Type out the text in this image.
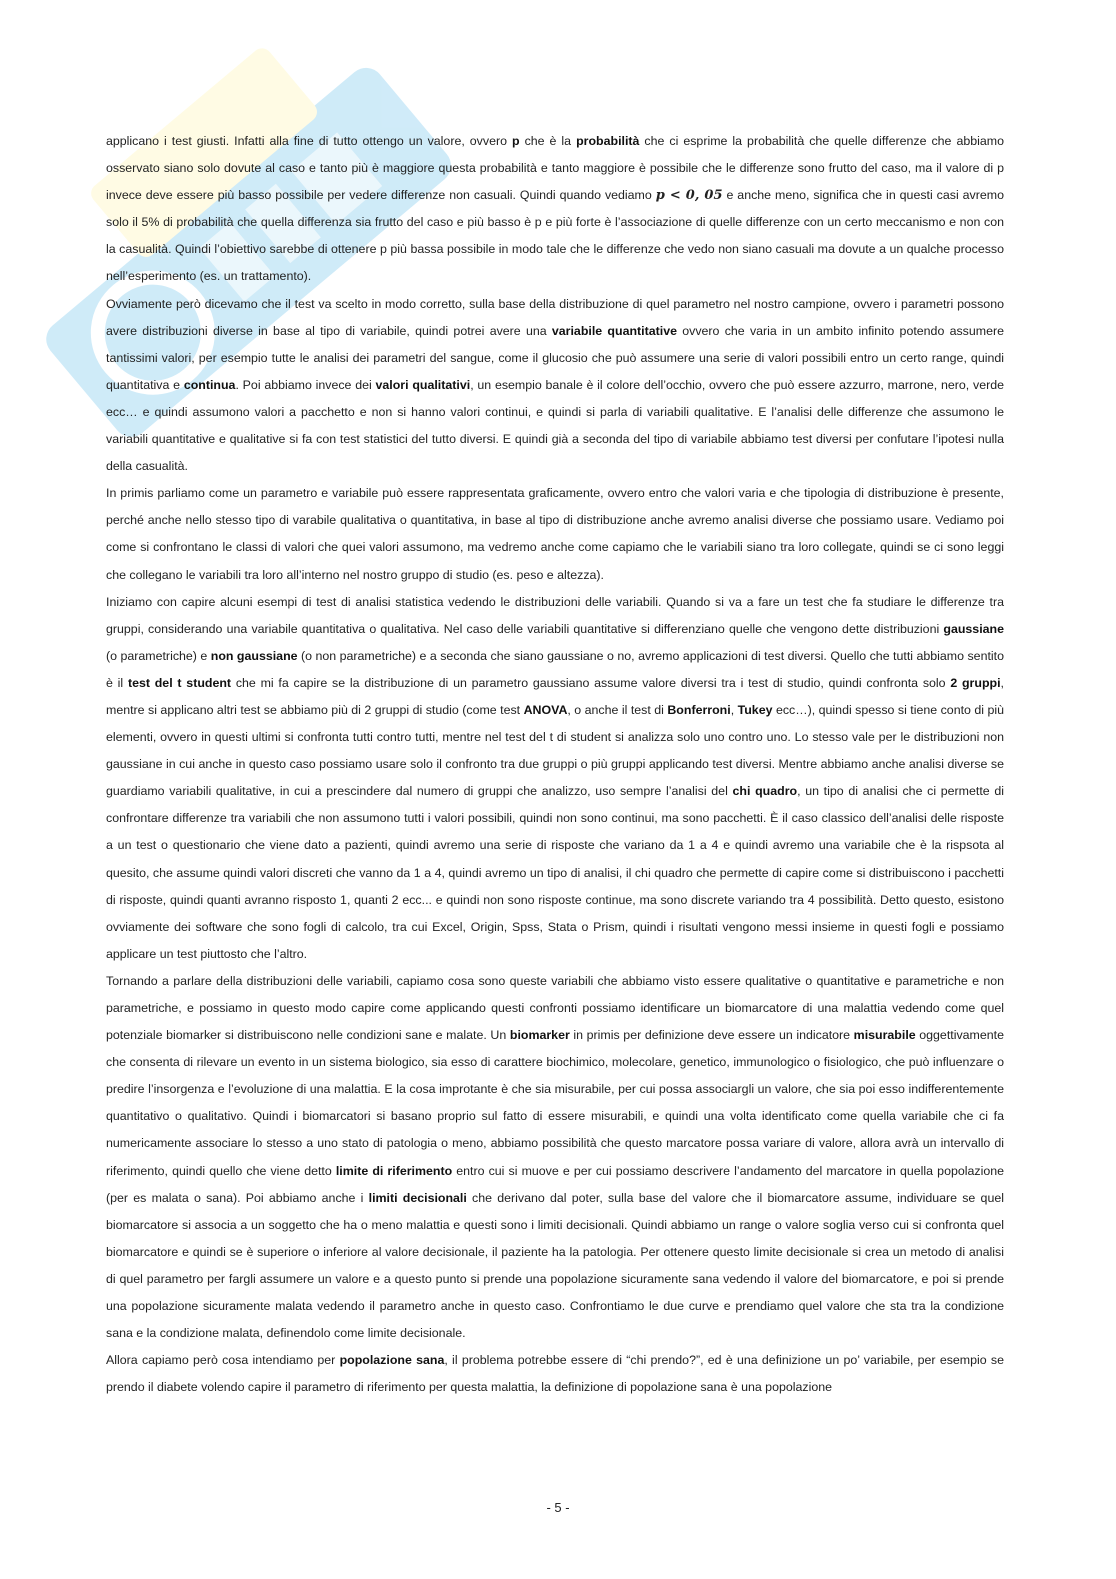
applicano i test giusti. Infatti alla fine di tutto ottengo un valore, ovvero p che è la probabilità che ci esprime la probabilità che quelle differenze che abbiamo osservato siano solo dovute al caso e tanto più è maggiore questa probabilità e tanto maggiore è possibile che le differenze sono frutto del caso, ma il valore di p invece deve essere più basso possibile per vedere differenze non casuali. Quindi quando vediamo p < 0, 05 e anche meno, significa che in questi casi avremo solo il 5% di probabilità che quella differenza sia frutto del caso e più basso è p e più forte è l’associazione di quelle differenze con un certo meccanismo e non con la casualità. Quindi l’obiettivo sarebbe di ottenere p più bassa possibile in modo tale che le differenze che vedo non siano casuali ma dovute a un qualche processo nell’esperimento (es. un trattamento).

Ovviamente però dicevamo che il test va scelto in modo corretto, sulla base della distribuzione di quel parametro nel nostro campione, ovvero i parametri possono avere distribuzioni diverse in base al tipo di variabile, quindi potrei avere una variabile quantitative ovvero che varia in un ambito infinito potendo assumere tantissimi valori, per esempio tutte le analisi dei parametri del sangue, come il glucosio che può assumere una serie di valori possibili entro un certo range, quindi quantitativa e continua. Poi abbiamo invece dei valori qualitativi, un esempio banale è il colore dell’occhio, ovvero che può essere azzurro, marrone, nero, verde ecc… e quindi assumono valori a pacchetto e non si hanno valori continui, e quindi si parla di variabili qualitative. E l’analisi delle differenze che assumono le variabili quantitative e qualitative si fa con test statistici del tutto diversi. E quindi già a seconda del tipo di variabile abbiamo test diversi per confutare l’ipotesi nulla della casualità.

In primis parliamo come un parametro e variabile può essere rappresentata graficamente, ovvero entro che valori varia e che tipologia di distribuzione è presente, perché anche nello stesso tipo di varabile qualitativa o quantitativa, in base al tipo di distribuzione anche avremo analisi diverse che possiamo usare. Vediamo poi come si confrontano le classi di valori che quei valori assumono, ma vedremo anche come capiamo che le variabili siano tra loro collegate, quindi se ci sono leggi che collegano le variabili tra loro all’interno nel nostro gruppo di studio (es. peso e altezza).

Iniziamo con capire alcuni esempi di test di analisi statistica vedendo le distribuzioni delle variabili. Quando si va a fare un test che fa studiare le differenze tra gruppi, considerando una variabile quantitativa o qualitativa. Nel caso delle variabili quantitative si differenziano quelle che vengono dette distribuzioni gaussiane (o parametriche) e non gaussiane (o non parametriche) e a seconda che siano gaussiane o no, avremo applicazioni di test diversi. Quello che tutti abbiamo sentito è il test del t student che mi fa capire se la distribuzione di un parametro gaussiano assume valore diversi tra i test di studio, quindi confronta solo 2 gruppi, mentre si applicano altri test se abbiamo più di 2 gruppi di studio (come test ANOVA, o anche il test di Bonferroni, Tukey ecc…), quindi spesso si tiene conto di più elementi, ovvero in questi ultimi si confronta tutti contro tutti, mentre nel test del t di student si analizza solo uno contro uno. Lo stesso vale per le distribuzioni non gaussiane in cui anche in questo caso possiamo usare solo il confronto tra due gruppi o più gruppi applicando test diversi. Mentre abbiamo anche analisi diverse se guardiamo variabili qualitative, in cui a prescindere dal numero di gruppi che analizzo, uso sempre l’analisi del chi quadro, un tipo di analisi che ci permette di confrontare differenze tra variabili che non assumono tutti i valori possibili, quindi non sono continui, ma sono pacchetti. È il caso classico dell’analisi delle risposte a un test o questionario che viene dato a pazienti, quindi avremo una serie di risposte che variano da 1 a 4 e quindi avremo una variabile che è la rispsota al quesito, che assume quindi valori discreti che vanno da 1 a 4, quindi avremo un tipo di analisi, il chi quadro che permette di capire come si distribuiscono i pacchetti di risposte, quindi quanti avranno risposto 1, quanti 2 ecc... e quindi non sono risposte continue, ma sono discrete variando tra 4 possibilità. Detto questo, esistono ovviamente dei software che sono fogli di calcolo, tra cui Excel, Origin, Spss, Stata o Prism, quindi i risultati vengono messi insieme in questi fogli e possiamo applicare un test piuttosto che l’altro.

Tornando a parlare della distribuzioni delle variabili, capiamo cosa sono queste variabili che abbiamo visto essere qualitative o quantitative e parametriche e non parametriche, e possiamo in questo modo capire come applicando questi confronti possiamo identificare un biomarcatore di una malattia vedendo come quel potenziale biomarker si distribuiscono nelle condizioni sane e malate. Un biomarker in primis per definizione deve essere un indicatore misurabile oggettivamente che consenta di rilevare un evento in un sistema biologico, sia esso di carattere biochimico, molecolare, genetico, immunologico o fisiologico, che può influenzare o predire l’insorgenza e l’evoluzione di una malattia. E la cosa improtante è che sia misurabile, per cui possa associargli un valore, che sia poi esso indifferentemente quantitativo o qualitativo. Quindi i biomarcatori si basano proprio sul fatto di essere misurabili, e quindi una volta identificato come quella variabile che ci fa numericamente associare lo stesso a uno stato di patologia o meno, abbiamo possibilità che questo marcatore possa variare di valore, allora avrà un intervallo di riferimento, quindi quello che viene detto limite di riferimento entro cui si muove e per cui possiamo descrivere l’andamento del marcatore in quella popolazione (per es malata o sana). Poi abbiamo anche i limiti decisionali che derivano dal poter, sulla base del valore che il biomarcatore assume, individuare se quel biomarcatore si associa a un soggetto che ha o meno malattia e questi sono i limiti decisionali. Quindi abbiamo un range o valore soglia verso cui si confronta quel biomarcatore e quindi se è superiore o inferiore al valore decisionale, il paziente ha la patologia. Per ottenere questo limite decisionale si crea un metodo di analisi di quel parametro per fargli assumere un valore e a questo punto si prende una popolazione sicuramente sana vedendo il valore del biomarcatore, e poi si prende una popolazione sicuramente malata vedendo il parametro anche in questo caso. Confrontiamo le due curve e prendiamo quel valore che sta tra la condizione sana e la condizione malata, definendolo come limite decisionale.

Allora capiamo però cosa intendiamo per popolazione sana, il problema potrebbe essere di “chi prendo?”, ed è una definizione un po’ variabile, per esempio se prendo il diabete volendo capire il parametro di riferimento per questa malattia, la definizione di popolazione sana è una popolazione

- 5 -
